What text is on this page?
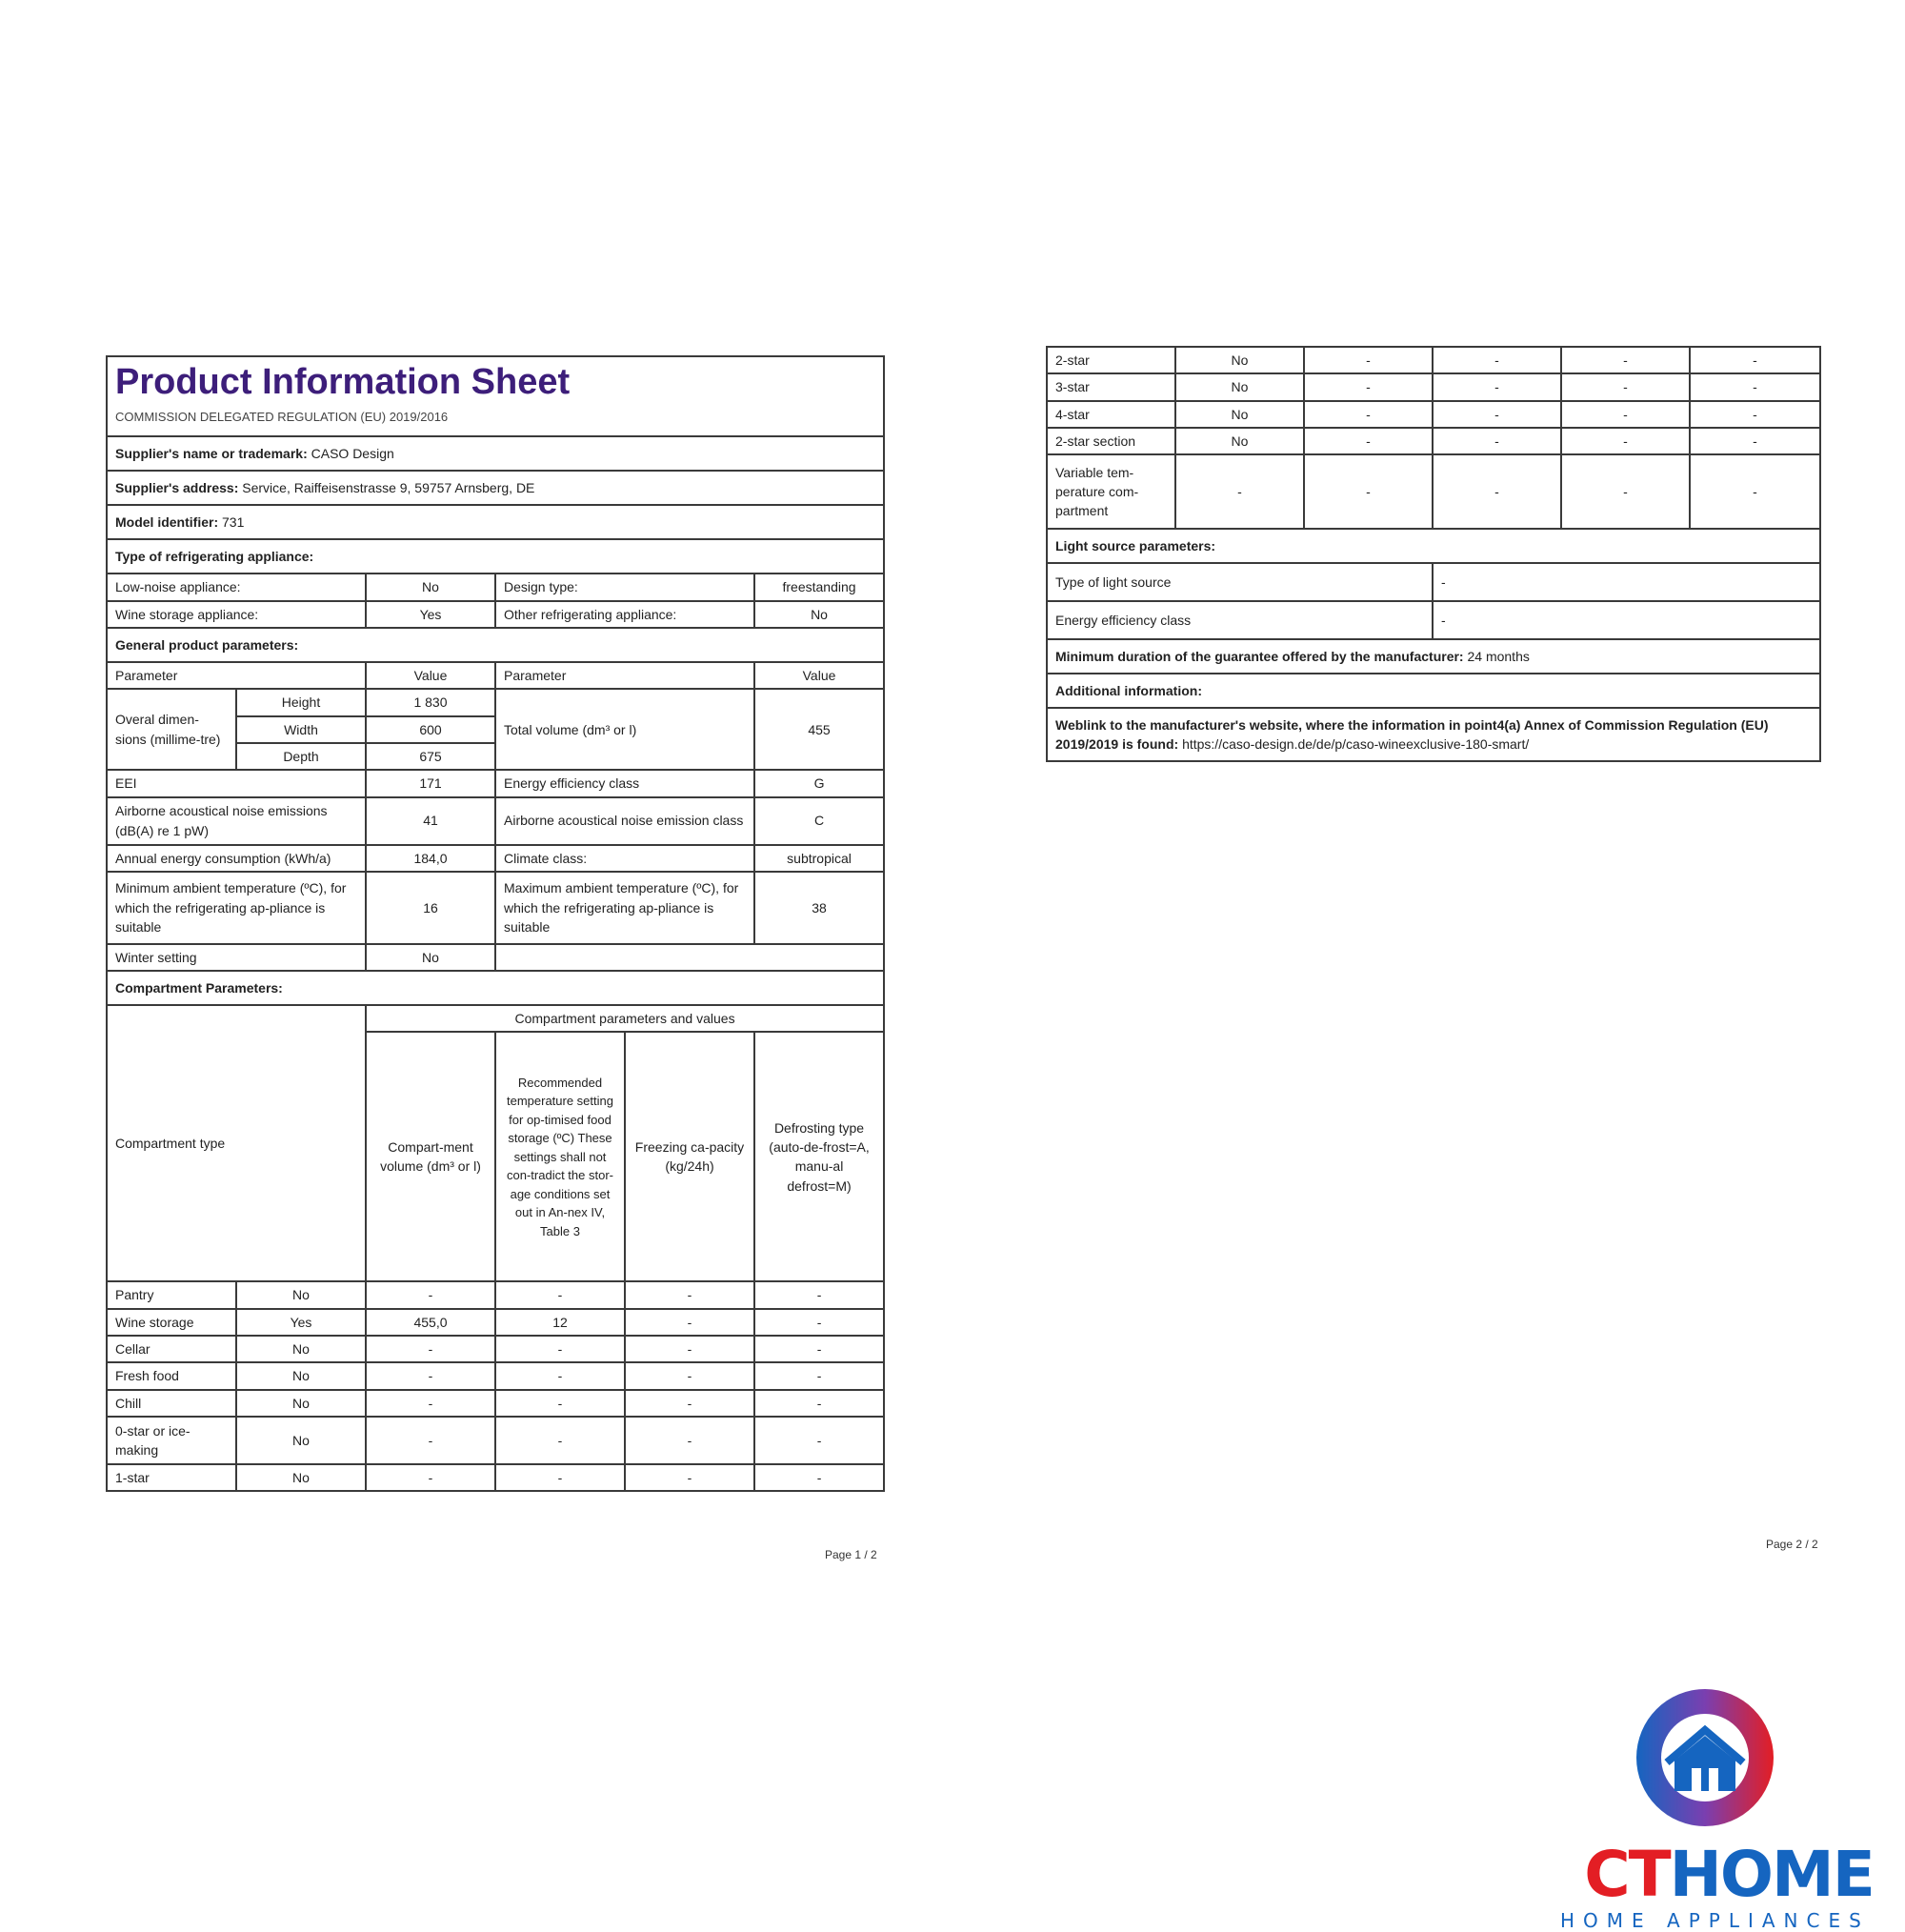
Product Information Sheet
COMMISSION DELEGATED REGULATION (EU) 2019/2016					

Supplier's name or trademark: CASO Design					
Supplier's address: Service, Raiffeisenstrasse 9, 59757 Arnsberg, DE					
Model identifier: 731					
Type of refrigerating appliance:					
Low-noise appliance:		No	Design type:		freestanding
Wine storage appliance:		Yes	Other refrigerating appliance:		No
General product parameters:					
Parameter		Value	Parameter		Value
Overal dimen-sions (millime-tre)	Height	1 830	Total volume (dm³ or l)		455
	Width	600			
	Depth	675			
EEI		171	Energy efficiency class		G
Airborne acoustical noise emissions (dB(A) re 1 pW)		41	Airborne acoustical noise emission class		C
Annual energy consumption (kWh/a)		184,0	Climate class:		subtropical
Minimum ambient temperature (ºC), for which the refrigerating ap-pliance is suitable		16	Maximum ambient temperature (ºC), for which the refrigerating ap-pliance is suitable		38
Winter setting		No			
Compartment Parameters:					
Compartment type		Compartment parameters and values			
		Compart-ment volume (dm³ or l)	Recommended temperature setting for op-timised food storage (ºC) These settings shall not con-tradict the stor-age conditions set out in An-nex IV, Table 3	Freezing ca-pacity (kg/24h)	Defrosting type (auto-de-frost=A, manu-al defrost=M)
Pantry	No	-	-	-	-
Wine storage	Yes	455,0	12	-	-
Cellar	No	-	-	-	-
Fresh food	No	-	-	-	-
Chill	No	-	-	-	-
0-star or ice-making	No	-	-	-	-
1-star	No	-	-	-	-
Page 1 / 2
2-star	No	-	-	-	-
3-star	No	-	-	-	-
4-star	No	-	-	-	-
2-star section	No	-	-	-	-
Variable tem-perature com-partment	-	-	-	-	-
Light source parameters:					
Type of light source			-		
Energy efficiency class			-		
Minimum duration of the guarantee offered by the manufacturer: 24 months					
Additional information:					
Weblink to the manufacturer's website, where the information in point4(a) Annex of Commission Regulation (EU) 2019/2019 is found: https://caso-design.de/de/p/caso-wineexclusive-180-smart/					
Page 2 / 2
CTHOME
HOME APPLIANCES
